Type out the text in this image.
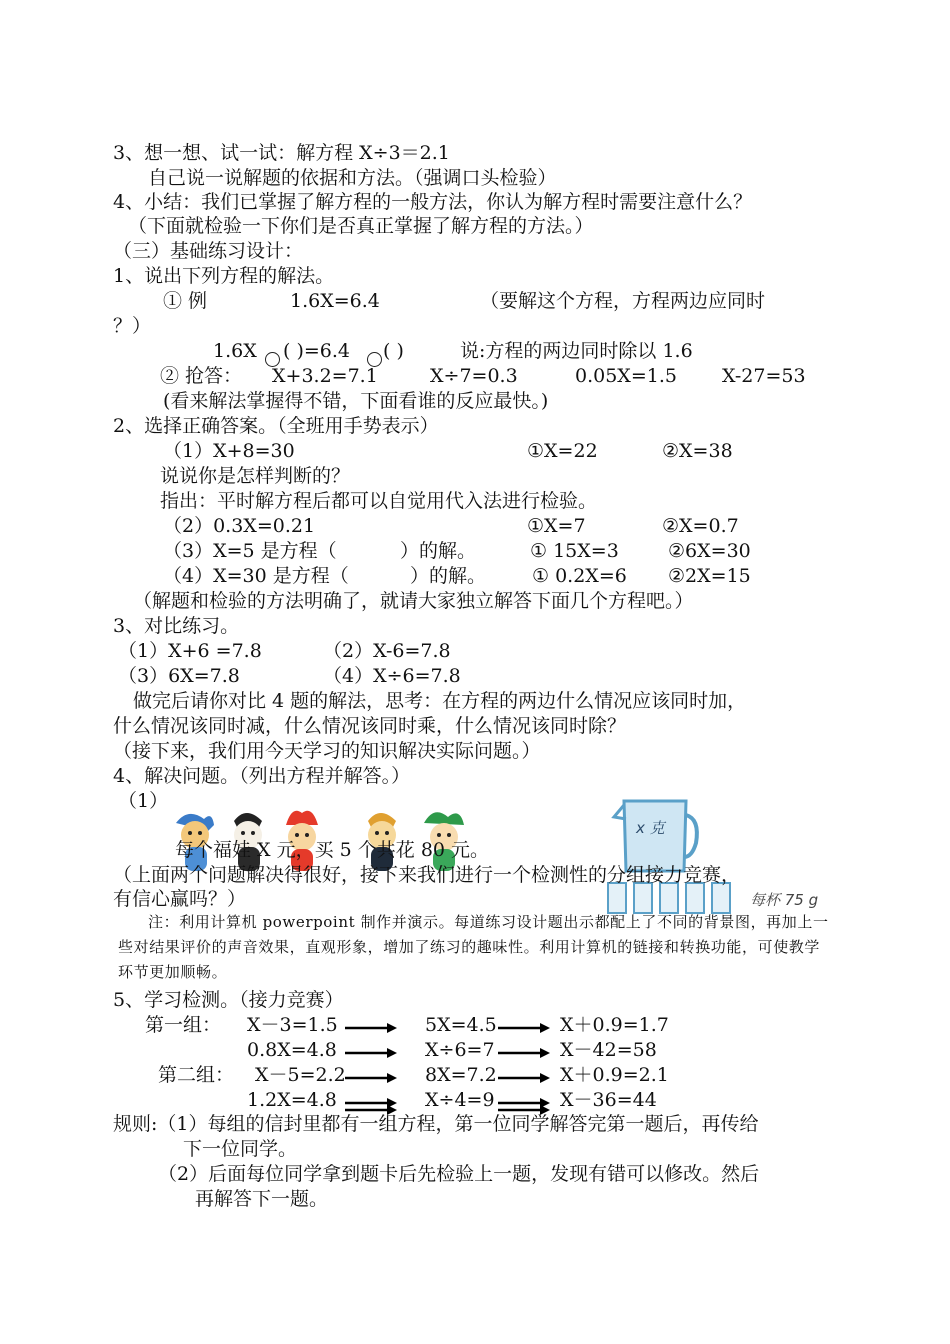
3、想一想、试一试：解方程 X÷3＝2.1
自己说一说解题的依据和方法。（强调口头检验）
4、小结：我们已掌握了解方程的一般方法，你认为解方程时需要注意什么？
（下面就检验一下你们是否真正掌握了解方程的方法。）
（三）基础练习设计：
1、说出下列方程的解法。
① 例	1.6X=6.4	（要解这个方程，方程两边应同时
？）
1.6X ( )=6.4 ( )	说:方程的两边同时除以 1.6
② 抢答： X+3.2=7.1	X÷7=0.3	0.05X=1.5 X-27=53
(看来解法掌握得不错，下面看谁的反应最快。)
2、选择正确答案。（全班用手势表示）
（1）X+8=30	①X=22	②X=38
说说你是怎样判断的？
指出：平时解方程后都可以自觉用代入法进行检验。
（2）0.3X=0.21	①X=7	②X=0.7
（3）X=5 是方程（	）的解。	① 15X=3	②6X=30
（4）X=30 是方程（	）的解。 ① 0.2X=6 ②2X=15
（解题和检验的方法明确了，就请大家独立解答下面几个方程吧。）
3、对比练习。
（1）X+6 =7.8	（2）X-6=7.8
（3）6X=7.8	（4）X÷6=7.8
做完后请你对比 4 题的解法，思考：在方程的两边什么情况应该同时加，
什么情况该同时减，什么情况该同时乘，什么情况该同时除？
（接下来，我们用今天学习的知识解决实际问题。）
4、解决问题。（列出方程并解答。）
（1）
x 克
每杯 75 g
每个福娃 X 元，买 5 个共花 80 元。
（上面两个问题解决得很好，接下来我们进行一个检测性的分组接力竞赛，
有信心赢吗？）
注：利用计算机 powerpoint 制作并演示。每道练习设计题出示都配上了不同的背景图，再加上一些对结果评价的声音效果，直观形象，增加了练习的趣味性。利用计算机的链接和转换功能，可使教学环节更加顺畅。
5、学习检测。（接力竞赛）
第一组： X－3=1.5	5X=4.5	X＋0.9=1.7
0.8X=4.8	X÷6=7	X－42=58
第二组： X－5=2.2	8X=7.2	X＋0.9=2.1
1.2X=4.8	X÷4=9	X－36=44
规则:（1）每组的信封里都有一组方程，第一位同学解答完第一题后，再传给
下一位同学。
（2）后面每位同学拿到题卡后先检验上一题，发现有错可以修改。然后
再解答下一题。
